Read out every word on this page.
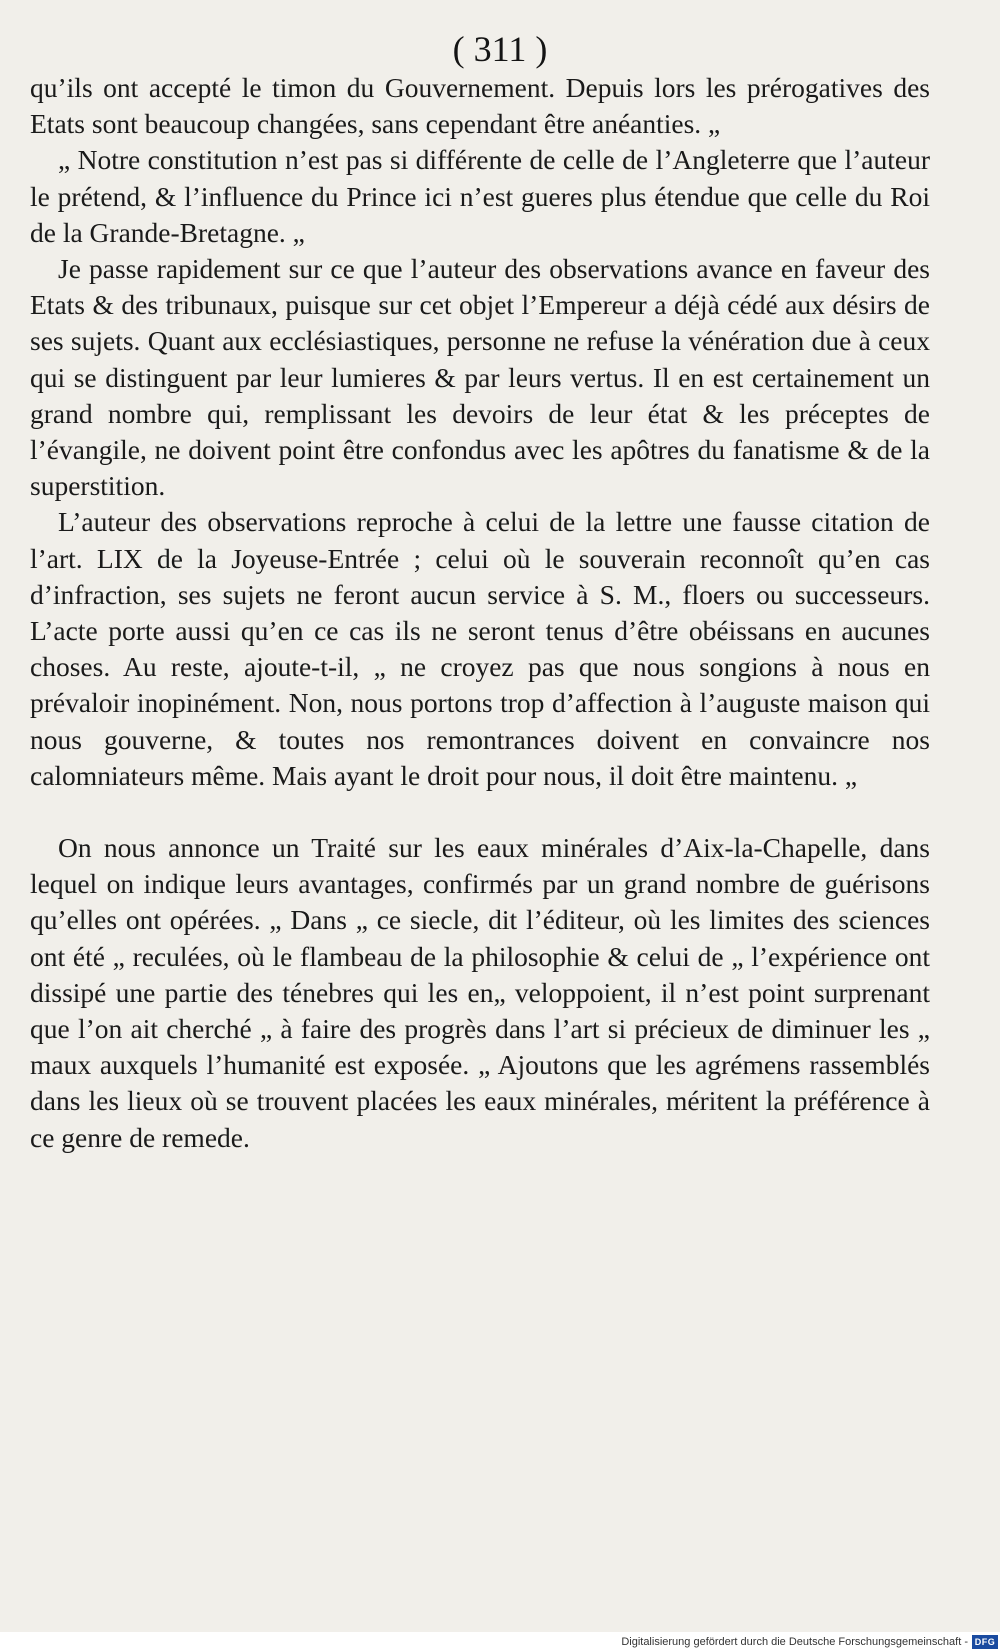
( 311 )

qu’ils ont accepté le timon du Gouvernement. Depuis lors les prérogatives des Etats sont beaucoup changées, sans cependant être anéanties. „

„ Notre constitution n’est pas si différente de celle de l’Angleterre que l’auteur le prétend, & l’influence du Prince ici n’est gueres plus étendue que celle du Roi de la Grande-Bretagne. „

Je passe rapidement sur ce que l’auteur des observations avance en faveur des Etats & des tribunaux, puisque sur cet objet l’Empereur a déjà cédé aux désirs de ses sujets. Quant aux ecclésiastiques, personne ne refuse la vénération due à ceux qui se distinguent par leur lumieres & par leurs vertus. Il en est certainement un grand nombre qui, remplissant les devoirs de leur état & les préceptes de l’évangile, ne doivent point être confondus avec les apôtres du fanatisme & de la superstition.

L’auteur des observations reproche à celui de la lettre une fausse citation de l’art. LIX de la Joyeuse-Entrée ; celui où le souverain reconnoît qu’en cas d’infraction, ses sujets ne feront aucun service à S. M., floers ou successeurs. L’acte porte aussi qu’en ce cas ils ne seront tenus d’être obéissans en aucunes choses. Au reste, ajoute-t-il, „ ne croyez pas que nous songions à nous en prévaloir inopinément. Non, nous portons trop d’affection à l’auguste maison qui nous gouverne, & toutes nos remontrances doivent en convaincre nos calomniateurs même. Mais ayant le droit pour nous, il doit être maintenu. „

On nous annonce un Traité sur les eaux minérales d’Aix-la-Chapelle, dans lequel on indique leurs avantages, confirmés par un grand nombre de guérisons qu’elles ont opérées. „ Dans „ ce siecle, dit l’éditeur, où les limites des sciences ont été „ reculées, où le flambeau de la philosophie & celui de „ l’expérience ont dissipé une partie des ténebres qui les en„ veloppoient, il n’est point surprenant que l’on ait cherché „ à faire des progrès dans l’art si précieux de diminuer les „ maux auxquels l’humanité est exposée. „ Ajoutons que les agrémens rassemblés dans les lieux où se trouvent placées les eaux minérales, méritent la préférence à ce genre de remede.

Digitalisierung gefördert durch die Deutsche Forschungsgemeinschaft - DFG
